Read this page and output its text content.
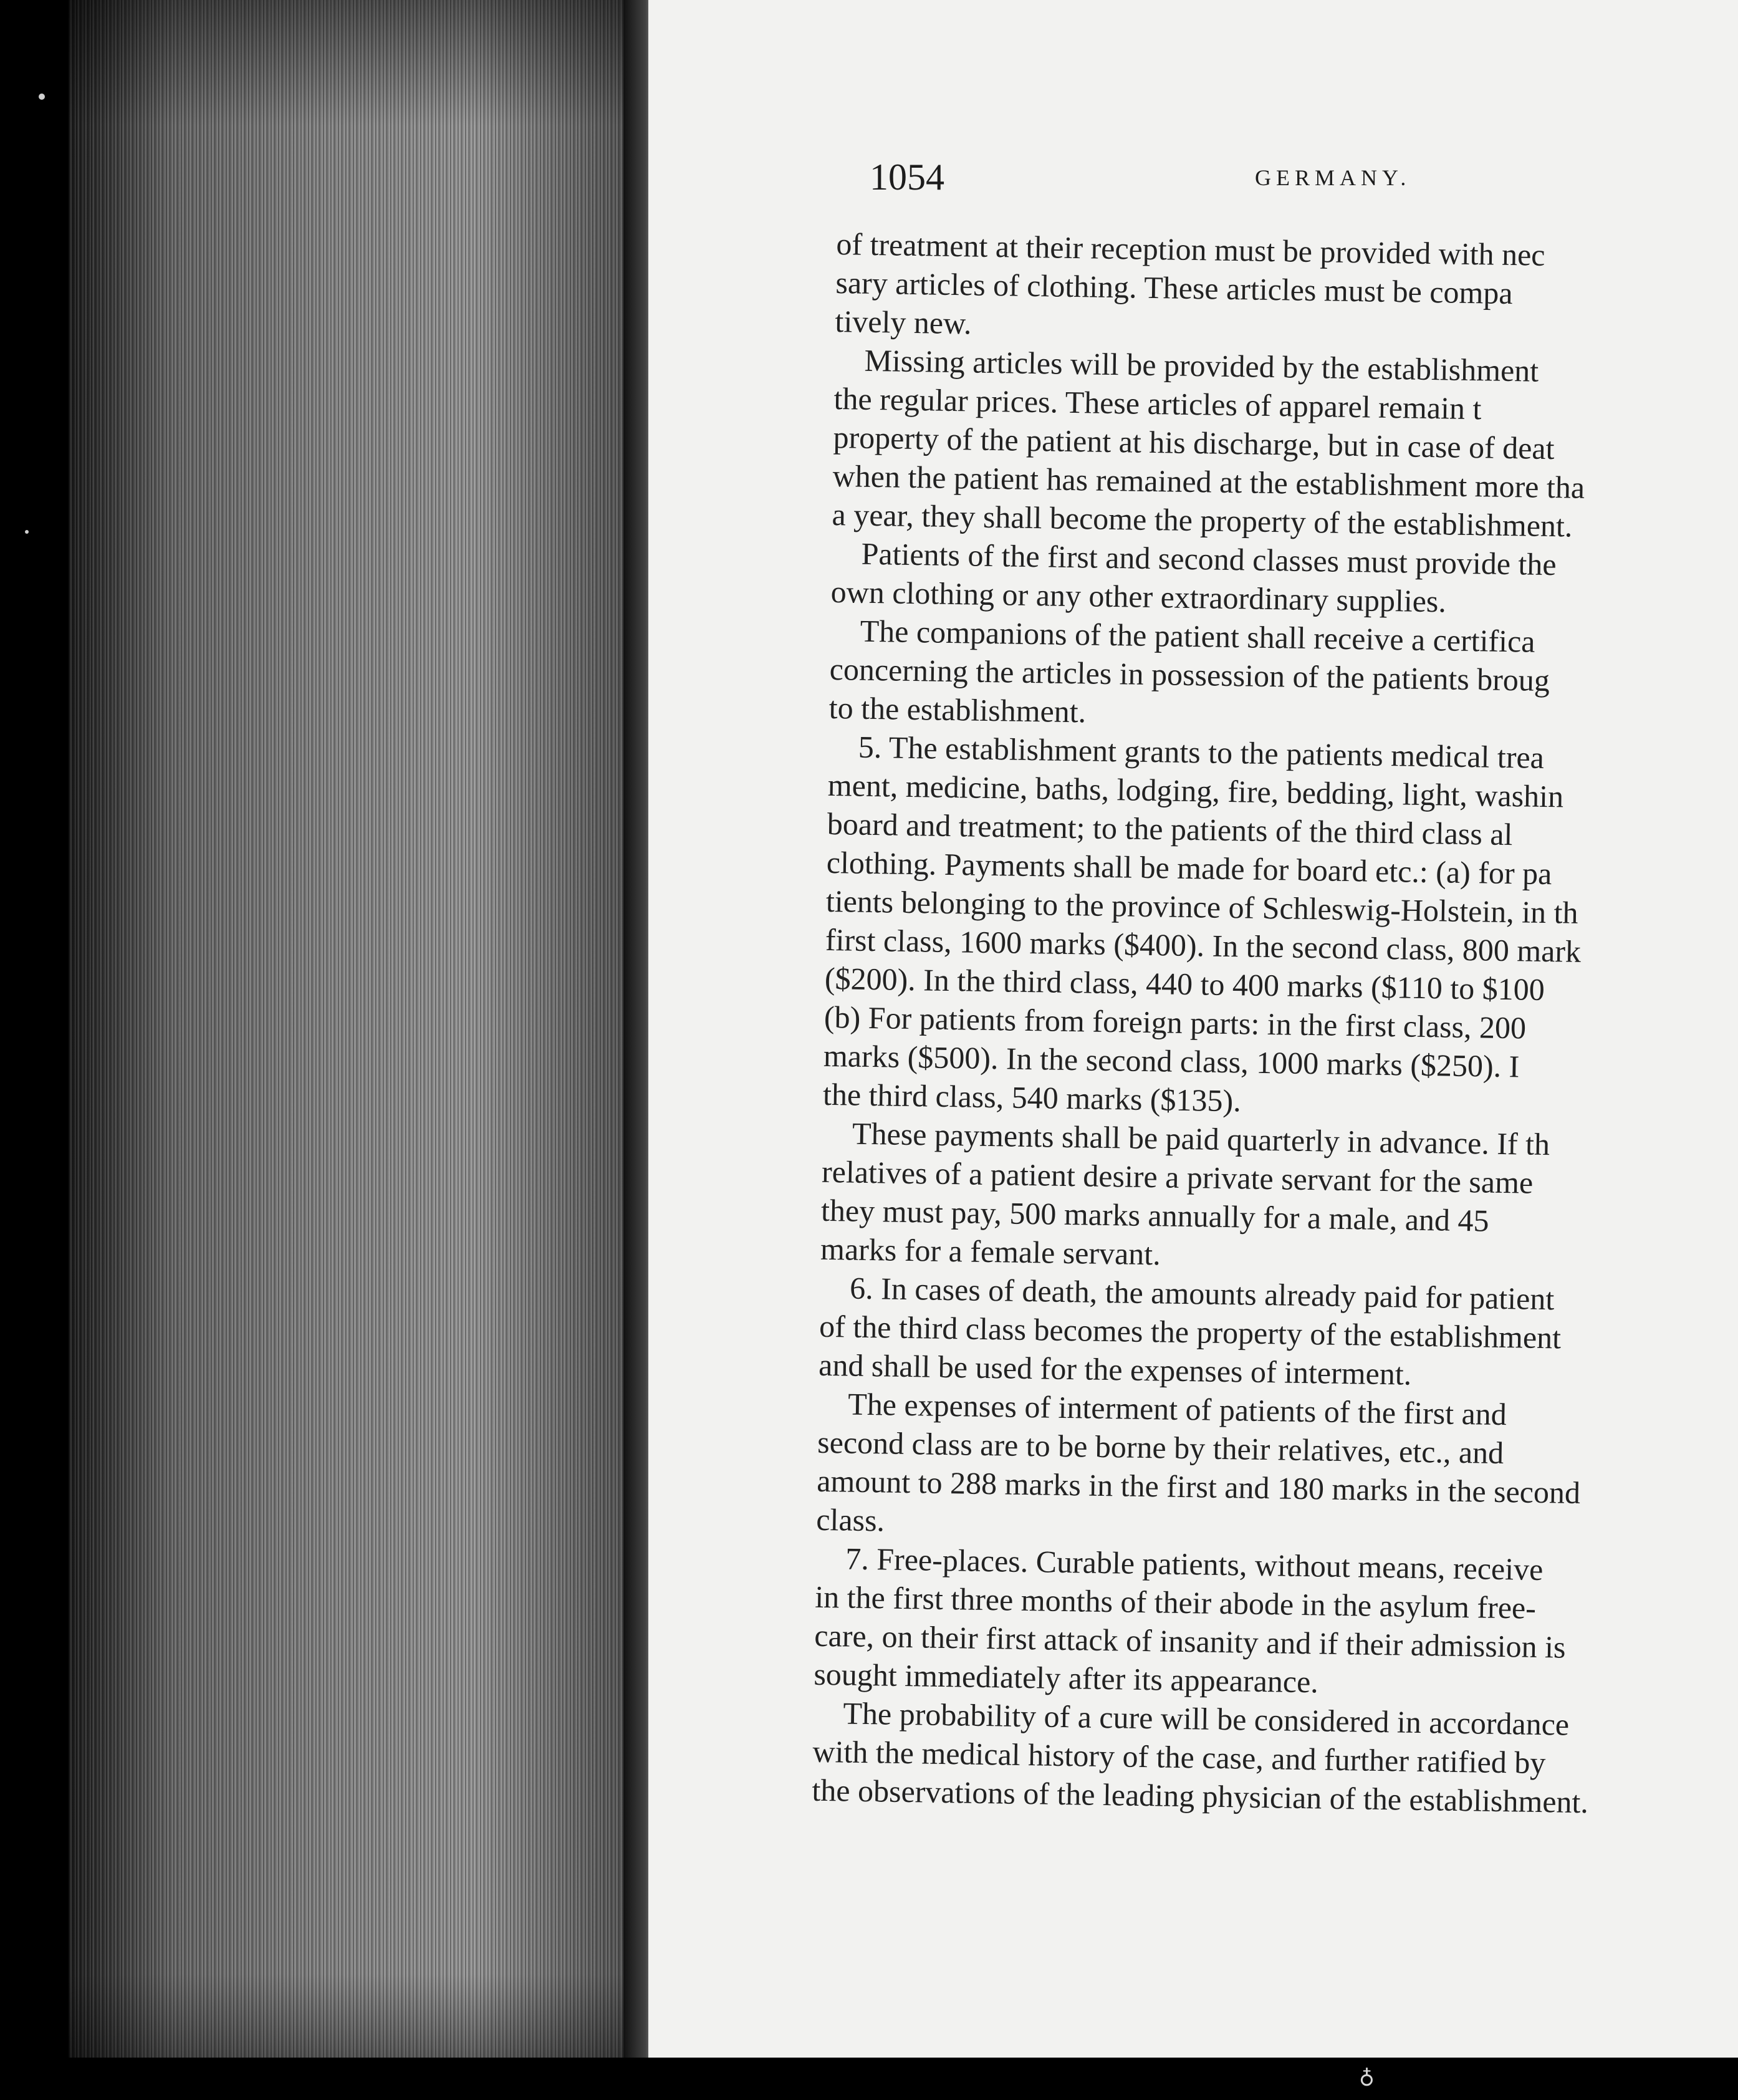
1054	GERMANY.

of treatment at their reception must be provided with nec
sary articles of clothing. These articles must be compa
tively new.

Missing articles will be provided by the establishment
the regular prices. These articles of apparel remain t
property of the patient at his discharge, but in case of deat
when the patient has remained at the establishment more tha
a year, they shall become the property of the establishment.

Patients of the first and second classes must provide the
own clothing or any other extraordinary supplies.

The companions of the patient shall receive a certifica
concerning the articles in possession of the patients broug
to the establishment.

5. The establishment grants to the patients medical trea
ment, medicine, baths, lodging, fire, bedding, light, washin
board and treatment; to the patients of the third class al
clothing. Payments shall be made for board etc.: (a) for pa
tients belonging to the province of Schleswig-Holstein, in th
first class, 1600 marks ($400). In the second class, 800 mark
($200). In the third class, 440 to 400 marks ($110 to $100
(b) For patients from foreign parts: in the first class, 200
marks ($500). In the second class, 1000 marks ($250). I
the third class, 540 marks ($135).

These payments shall be paid quarterly in advance. If th
relatives of a patient desire a private servant for the same
they must pay, 500 marks annually for a male, and 45
marks for a female servant.

6. In cases of death, the amounts already paid for patient
of the third class becomes the property of the establishment
and shall be used for the expenses of interment.

The expenses of interment of patients of the first and
second class are to be borne by their relatives, etc., and
amount to 288 marks in the first and 180 marks in the second
class.

7. Free-places. Curable patients, without means, receive
in the first three months of their abode in the asylum free-
care, on their first attack of insanity and if their admission is
sought immediately after its appearance.

The probability of a cure will be considered in accordance
with the medical history of the case, and further ratified by
the observations of the leading physician of the establishment.

♁
